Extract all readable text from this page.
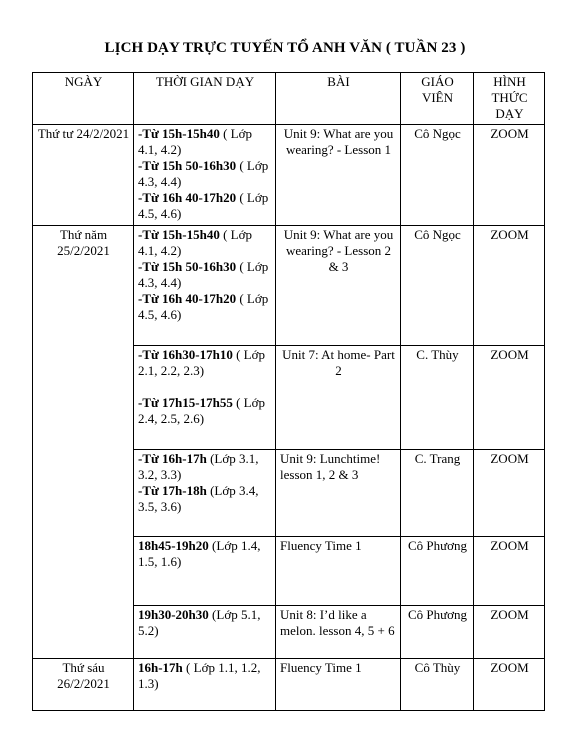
LỊCH DẠY TRỰC TUYẾN TỔ ANH VĂN ( TUẦN 23 )
NGÀY	THỜI GIAN DẠY	BÀI	GIÁO VIÊN	HÌNH THỨC DẠY
Thứ tư 24/2/2021	-Từ 15h-15h40 ( Lớp 4.1, 4.2)
-Từ 15h 50-16h30 ( Lớp 4.3, 4.4)
-Từ 16h 40-17h20 ( Lớp 4.5, 4.6)	Unit 9: What are you wearing? - Lesson 1	Cô Ngọc	ZOOM
Thứ năm 25/2/2021	-Từ 15h-15h40 ( Lớp 4.1, 4.2)
-Từ 15h 50-16h30 ( Lớp 4.3, 4.4)
-Từ 16h 40-17h20 ( Lớp 4.5, 4.6)	Unit 9: What are you wearing? - Lesson 2 & 3	Cô Ngọc	ZOOM

	-Từ 16h30-17h10 ( Lớp 2.1, 2.2, 2.3)
-Từ 17h15-17h55 ( Lớp 2.4, 2.5, 2.6)	Unit 7: At home- Part 2	C. Thùy	ZOOM

	-Từ 16h-17h (Lớp 3.1, 3.2, 3.3)
-Từ 17h-18h (Lớp 3.4, 3.5, 3.6)	Unit 9: Lunchtime! lesson 1, 2 & 3	C. Trang	ZOOM

	18h45-19h20 (Lớp 1.4, 1.5, 1.6)	Fluency Time 1	Cô Phương	ZOOM

	19h30-20h30 (Lớp 5.1, 5.2)	Unit 8: I’d like a melon. lesson 4, 5 + 6	Cô Phương	ZOOM
Thứ sáu 26/2/2021	16h-17h ( Lớp 1.1, 1.2, 1.3)	Fluency Time 1	Cô Thùy	ZOOM
